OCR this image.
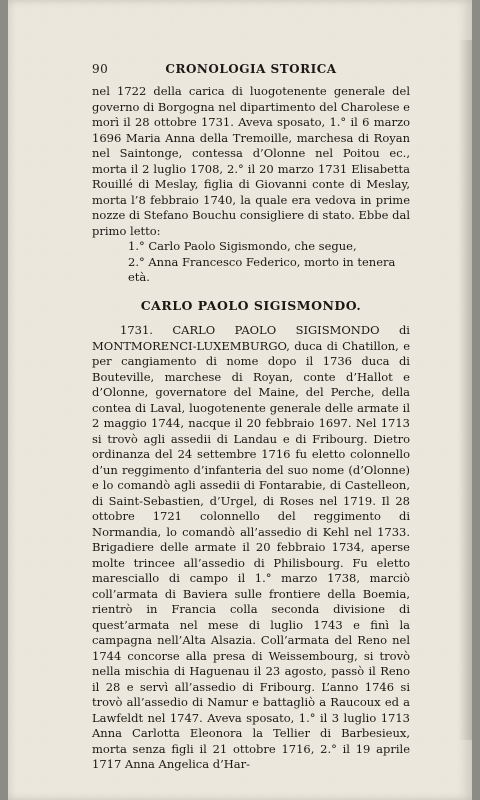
90	CRONOLOGIA STORICA

nel 1722 della carica di luogotenente generale del governo di Borgogna nel dipartimento del Charolese e morì il 28 ottobre 1731. Aveva sposato, 1.° il 6 marzo 1696 Maria Anna della Tremoille, marchesa di Royan nel Saintonge, contessa d’Olonne nel Poitou ec., morta il 2 luglio 1708, 2.° il 20 marzo 1731 Elisabetta Rouillé di Meslay, figlia di Giovanni conte di Meslay, morta l’8 febbraio 1740, la quale era vedova in prime nozze di Stefano Bouchu consigliere di stato. Ebbe dal primo letto:

1.° Carlo Paolo Sigismondo, che segue,

2.° Anna Francesco Federico, morto in tenera età.

CARLO PAOLO SIGISMONDO.

1731. CARLO PAOLO SIGISMONDO di MONTMORENCI-LUXEMBURGO, duca di Chatillon, e per cangiamento di nome dopo il 1736 duca di Bouteville, marchese di Royan, conte d’Hallot e d’Olonne, governatore del Maine, del Perche, della contea di Laval, luogotenente generale delle armate il 2 maggio 1744, nacque il 20 febbraio 1697. Nel 1713 si trovò agli assedii di Landau e di Fribourg. Dietro ordinanza del 24 settembre 1716 fu eletto colonnello d’un reggimento d’infanteria del suo nome (d’Olonne) e lo comandò agli assedii di Fontarabie, di Castelleon, di Saint-Sebastien, d’Urgel, di Roses nel 1719. Il 28 ottobre 1721 colonnello del reggimento di Normandia, lo comandò all’assedio di Kehl nel 1733. Brigadiere delle armate il 20 febbraio 1734, aperse molte trincee all’assedio di Philisbourg. Fu eletto maresciallo di campo il 1.° marzo 1738, marciò coll’armata di Baviera sulle frontiere della Boemia, rientrò in Francia colla seconda divisione di quest’armata nel mese di luglio 1743 e finì la campagna nell’Alta Alsazia. Coll’armata del Reno nel 1744 concorse alla presa di Weissembourg, si trovò nella mischia di Haguenau il 23 agosto, passò il Reno il 28 e servì all’assedio di Fribourg. L’anno 1746 si trovò all’assedio di Namur e battagliò a Raucoux ed a Lawfeldt nel 1747. Aveva sposato, 1.° il 3 luglio 1713 Anna Carlotta Eleonora la Tellier di Barbesieux, morta senza figli il 21 ottobre 1716, 2.° il 19 aprile 1717 Anna Angelica d’Har-
